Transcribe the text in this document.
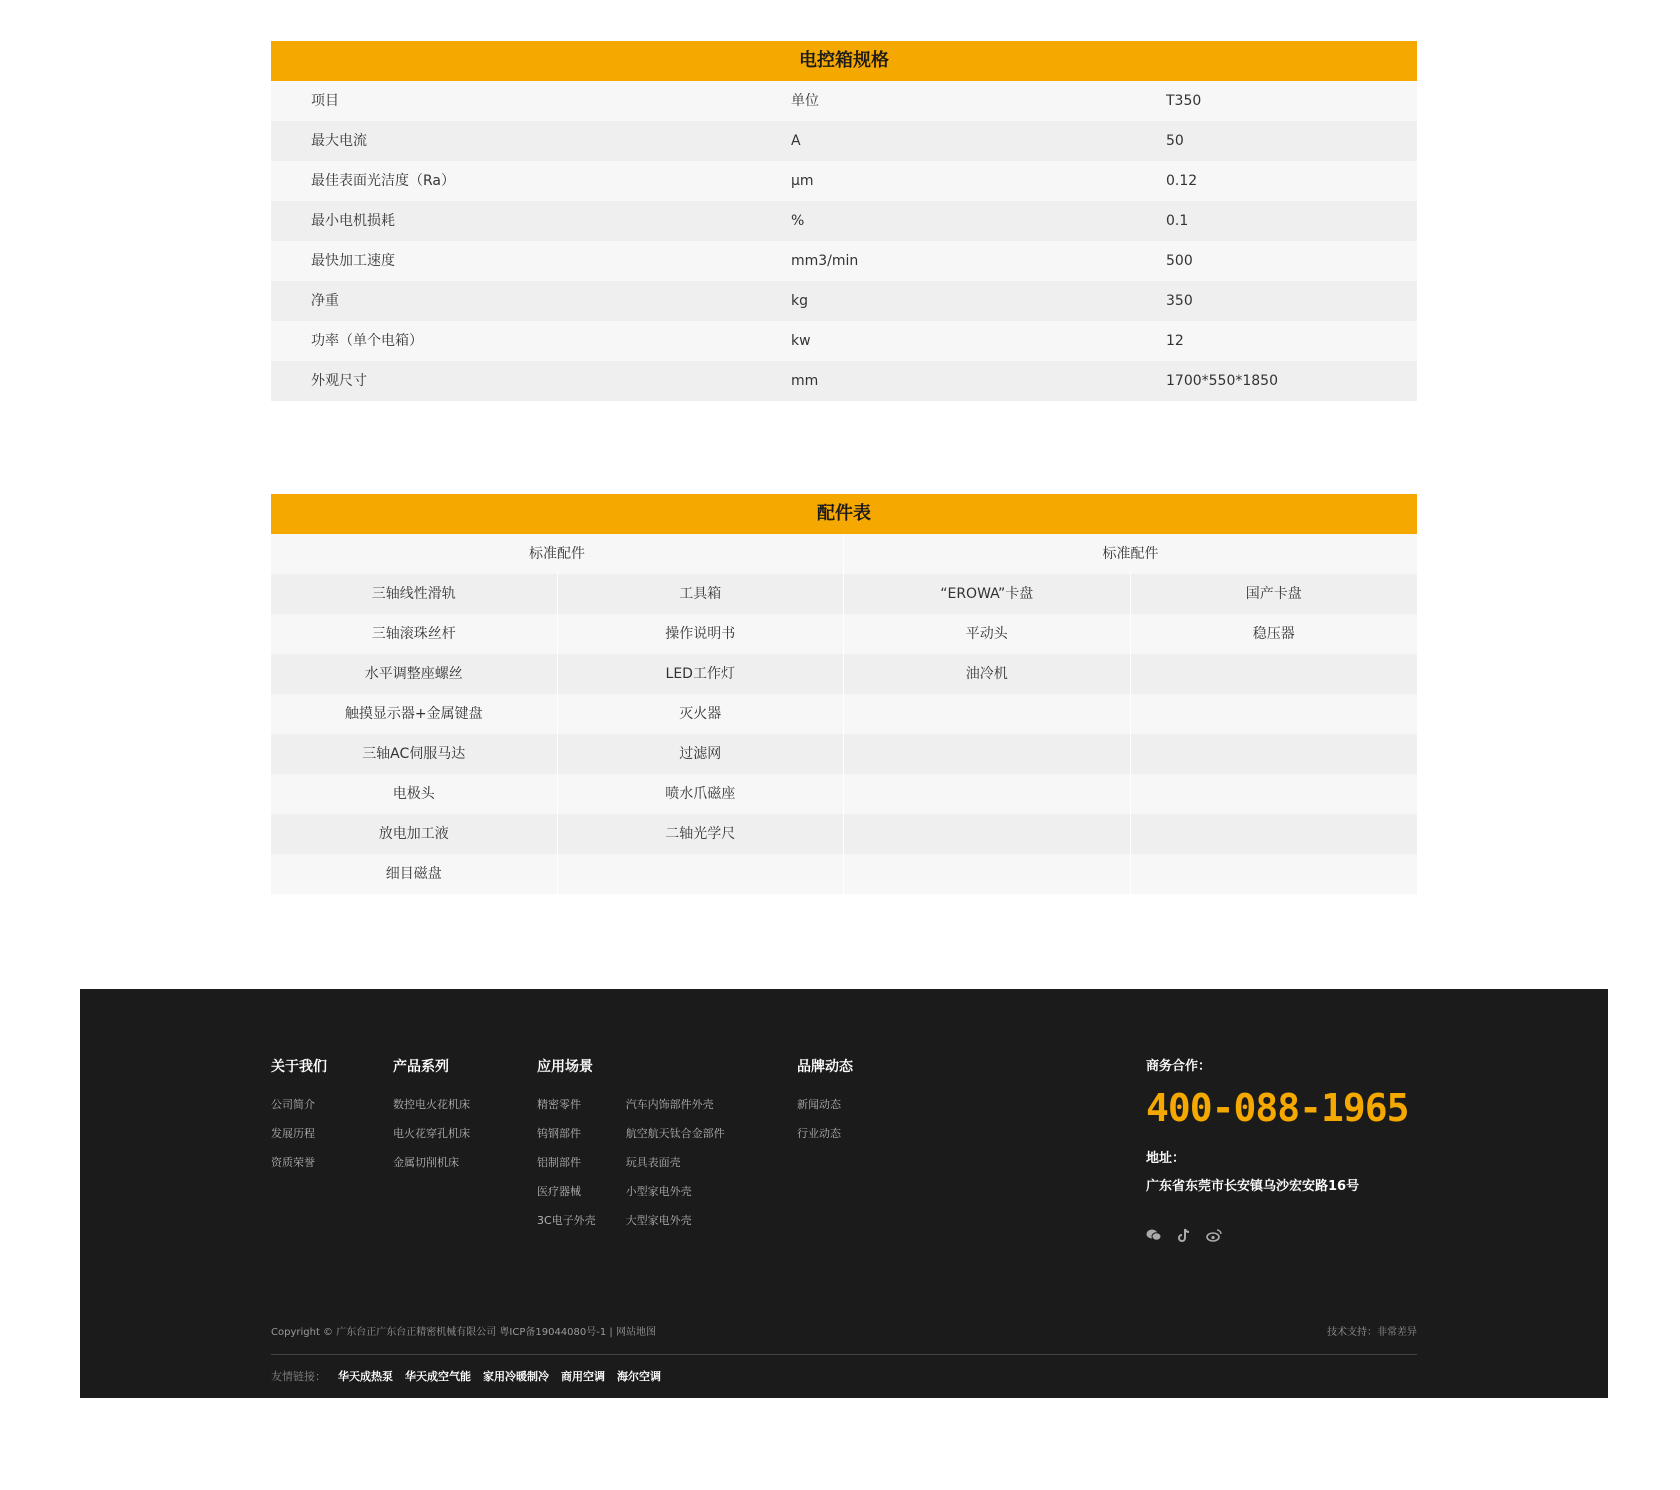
电控箱规格
项目	单位	T350
最大电流	A	50
最佳表面光洁度（Ra）	μm	0.12
最小电机损耗	%	0.1
最快加工速度	mm3/min	500
净重	kg	350
功率（单个电箱）	kw	12
外观尺寸	mm	1700*550*1850
配件表
标准配件	标准配件
三轴线性滑轨	工具箱	“EROWA”卡盘	国产卡盘
三轴滚珠丝杆	操作说明书	平动头	稳压器
水平调整座螺丝	LED工作灯	油冷机
触摸显示器+金属键盘	灭火器
三轴AC伺服马达	过滤网
电极头	喷水爪磁座
放电加工液	二轴光学尺
细目磁盘
关于我们
公司简介
发展历程
资质荣誉
产品系列
数控电火花机床
电火花穿孔机床
金属切削机床
应用场景
精密零件
钨钢部件
铝制部件
医疗器械
3C电子外壳
汽车内饰部件外壳
航空航天钛合金部件
玩具表面壳
小型家电外壳
大型家电外壳
品牌动态
新闻动态
行业动态
商务合作：
400-088-1965
地址：
广东省东莞市长安镇乌沙宏安路16号
Copyright © 广东台正广东台正精密机械有限公司 粤ICP备19044080号-1 | 网站地图	技术支持：非常差异
友情链接： 华天成热泵 华天成空气能 家用冷暖制冷 商用空调 海尔空调
